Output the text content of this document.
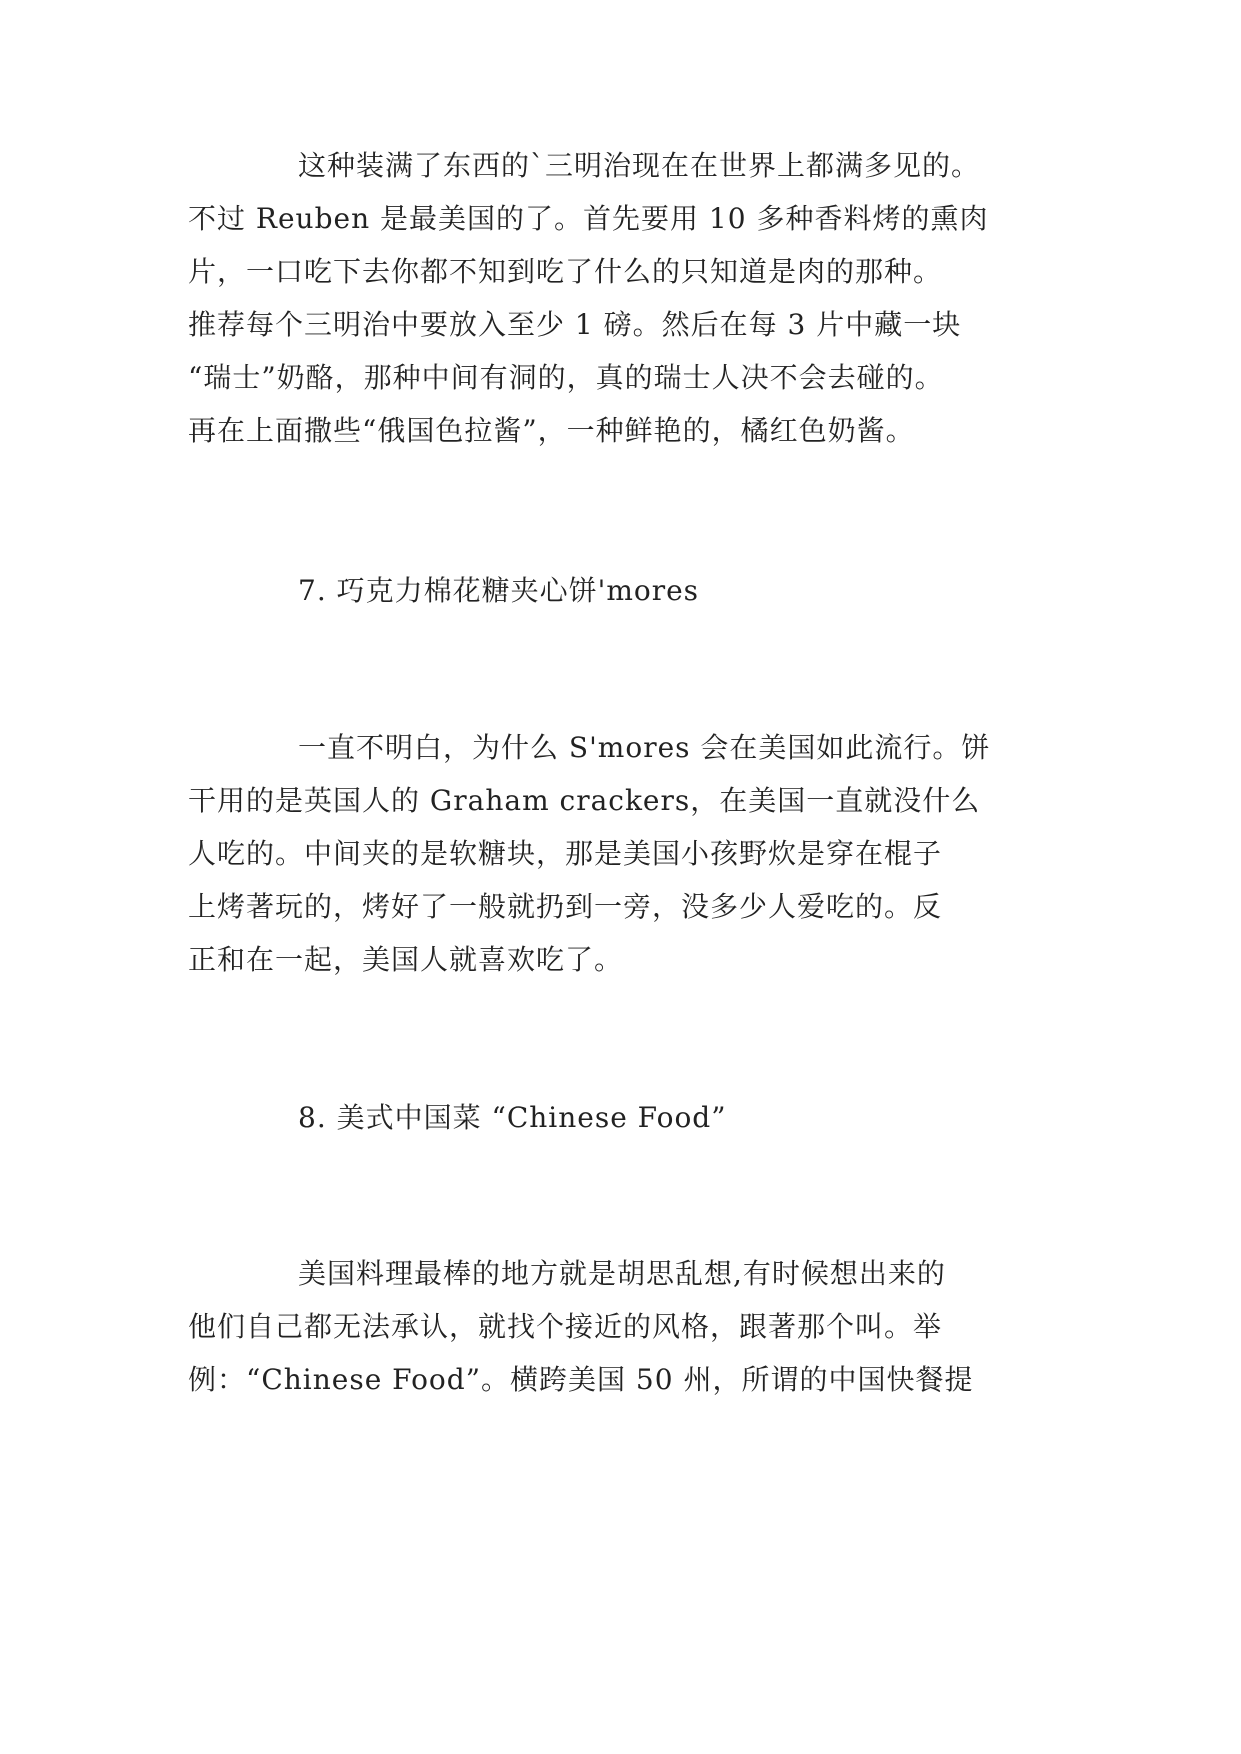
这种装满了东西的`三明治现在在世界上都满多见的。
不过 Reuben 是最美国的了。首先要用 10 多种香料烤的熏肉
片，一口吃下去你都不知到吃了什么的只知道是肉的那种。
推荐每个三明治中要放入至少 1 磅。然后在每 3 片中藏一块
“瑞士”奶酪，那种中间有洞的，真的瑞士人决不会去碰的。
再在上面撒些“俄国色拉酱”，一种鲜艳的，橘红色奶酱。
7. 巧克力棉花糖夹心饼'mores
一直不明白，为什么 S'mores 会在美国如此流行。饼
干用的是英国人的 Graham crackers，在美国一直就没什么
人吃的。中间夹的是软糖块，那是美国小孩野炊是穿在棍子
上烤著玩的，烤好了一般就扔到一旁，没多少人爱吃的。反
正和在一起，美国人就喜欢吃了。
8. 美式中国菜 “Chinese Food”
美国料理最棒的地方就是胡思乱想,有时候想出来的
他们自己都无法承认，就找个接近的风格，跟著那个叫。举
例：“Chinese Food”。横跨美国 50 州，所谓的中国快餐提
